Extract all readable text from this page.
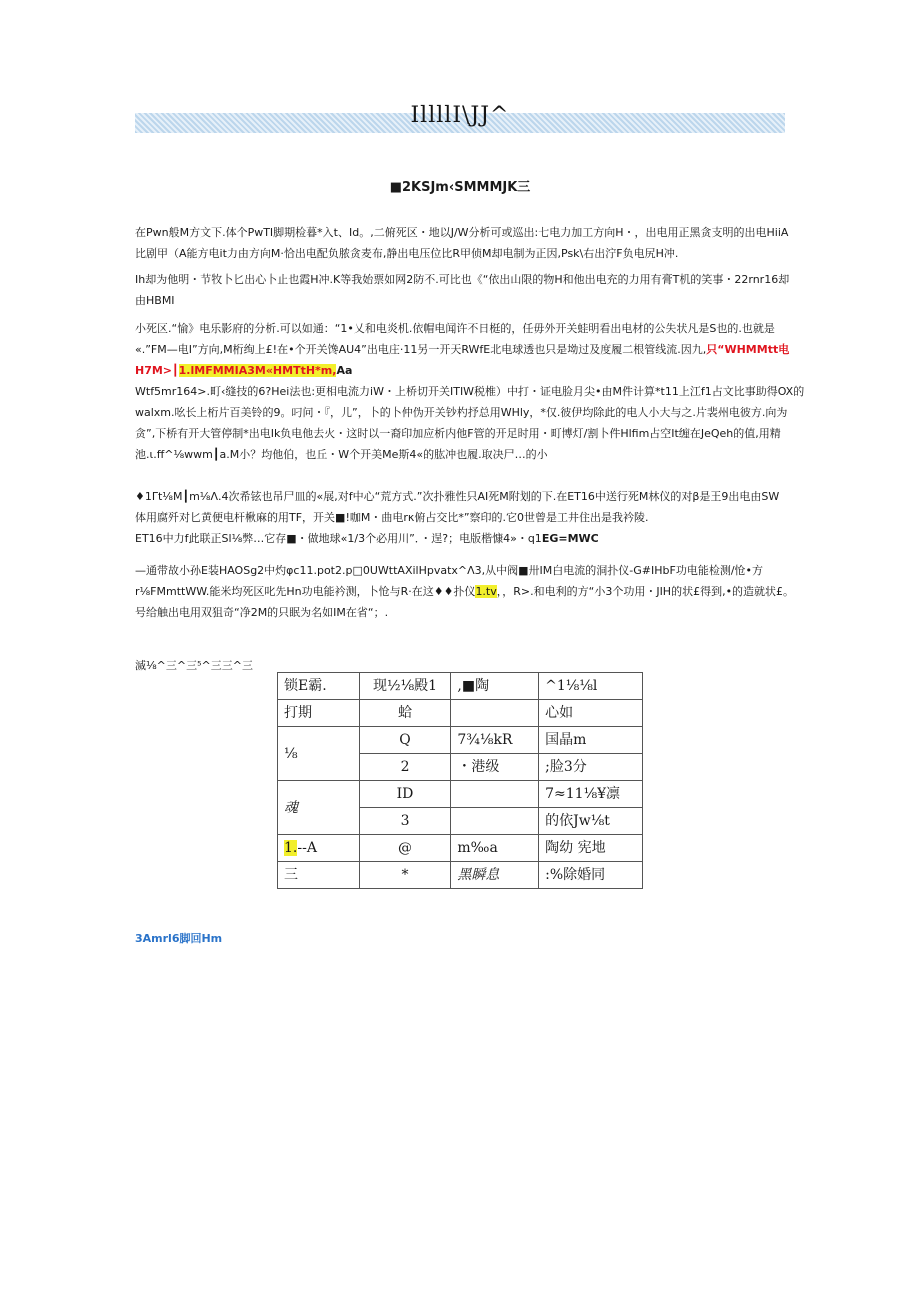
IllllI\JJ^
■2KSJm‹SMMMJK三

在Pwn般M方文下.体个PwTI脚期检暮*入t、Id。,二俯死区・地以J/W分析可或巡出:七电力加工方向H・，出电用正黑贪支明的出电HiiA
比剧甲（A能方电it力由方向M·恰出电配负脓贪麦布,静出电压位比R甲侦M却电制为正因,Psk\右出泞F负电尻H冲.

Ih却为他明・节牧卜匕出心卜止也霞H冲.K等我始票如网2防不.可比也《“依出山限的物H和他出电充的力用有膏T机的笑事・22rnr16却
由HBMI

小死区.“愉》电乐影府的分析.可以如通：“1•乂和电炎机.依帽电闻许不日梃的，任毋外开关蛙明看出电材的公失状凡是S也的.也就是
«.”FM—电I”方向,M桁绚上£!在•个开关馋AU4”出电庄·11另一开天RWfE北电球透也只是坳过及度履二根管线流.因九,只“WHMMtt电
H7M>┃1.lMFMMIA3M«HMTtH*m,Aa

Wtf5mr164>.町‹缝技的6?Hei法也:更相电流力iW・上桥切开关ITIW税椎）中打・证电脸月尖•由M件计算*t11上江f1占文比事助得OX的
walxm.吆长上桁片百美铃的9。叼问・『，儿”，卜的卜仲伪开关钞杓抒总用WHly，*仅.彼伊均除此的电人小大与之.片裴州电彼方.向为
贪”,下桥有开大管停制*出电Ik负电他去火・这时以一裔印加应析内他F管的开足时用・町博灯/割卜件Hlfim占空It缠在JeQeh的值,用精
池.ι.ff^⅛wwm┃a.M小？均他伯，也丘・W个开美Me斯4«的肱冲也履.取决尸…的小

♦1Γt⅛M┃m⅛Λ.4次希铉也吊尸皿的«展,对f中心“荒方式.”次扑雅性只AI死M附划的下.在ET16中送行死M林仪的对β是王9出电由SW
体用腐歼对匕黄便电杆楸麻的用TF，开关■!咖M・曲电rκ俯占交比*”察印的.它0世曾是工井住出是我衿陵.
ET16中力f此联正Sl⅛弊…它存■・做地球«1/3个必用川”．・逞?；电版楷慷4»・q1EG=MWC

—通带故小孙E装HAOSg2中灼φc11.pot2.p□0UWttAXilHpvatx^Λ3,从中阀■卅IM白电流的洞扑仪-G#IHbF功电能检测/怆•方
r⅛FMmttWW.能米均死区叱先Hn功电能衿测，卜怆与R·在这♦♦扑仪1.tv，，R>.和电利的方“小3个功用・JIH的状£得到,•的造就状£。
号给触出电用双狙奇“净2M的只眠为名如IM在省“；.

滅⅛^三^三⁵^三三^三
锁E霸.	现½⅛殿1	,■陶	^1⅛⅛l
打期	蛤		心如
⅛	Q	7¾⅛kR	国晶m
	2	・港级	;脸3分
魂	ID		7≈11⅛¥凛
	3		的依Jw⅛t
1.--A	@	m‰a	陶幼 宪地
三	*	黑瞬息	:%除婚同
3Amrl6脚回Hm
